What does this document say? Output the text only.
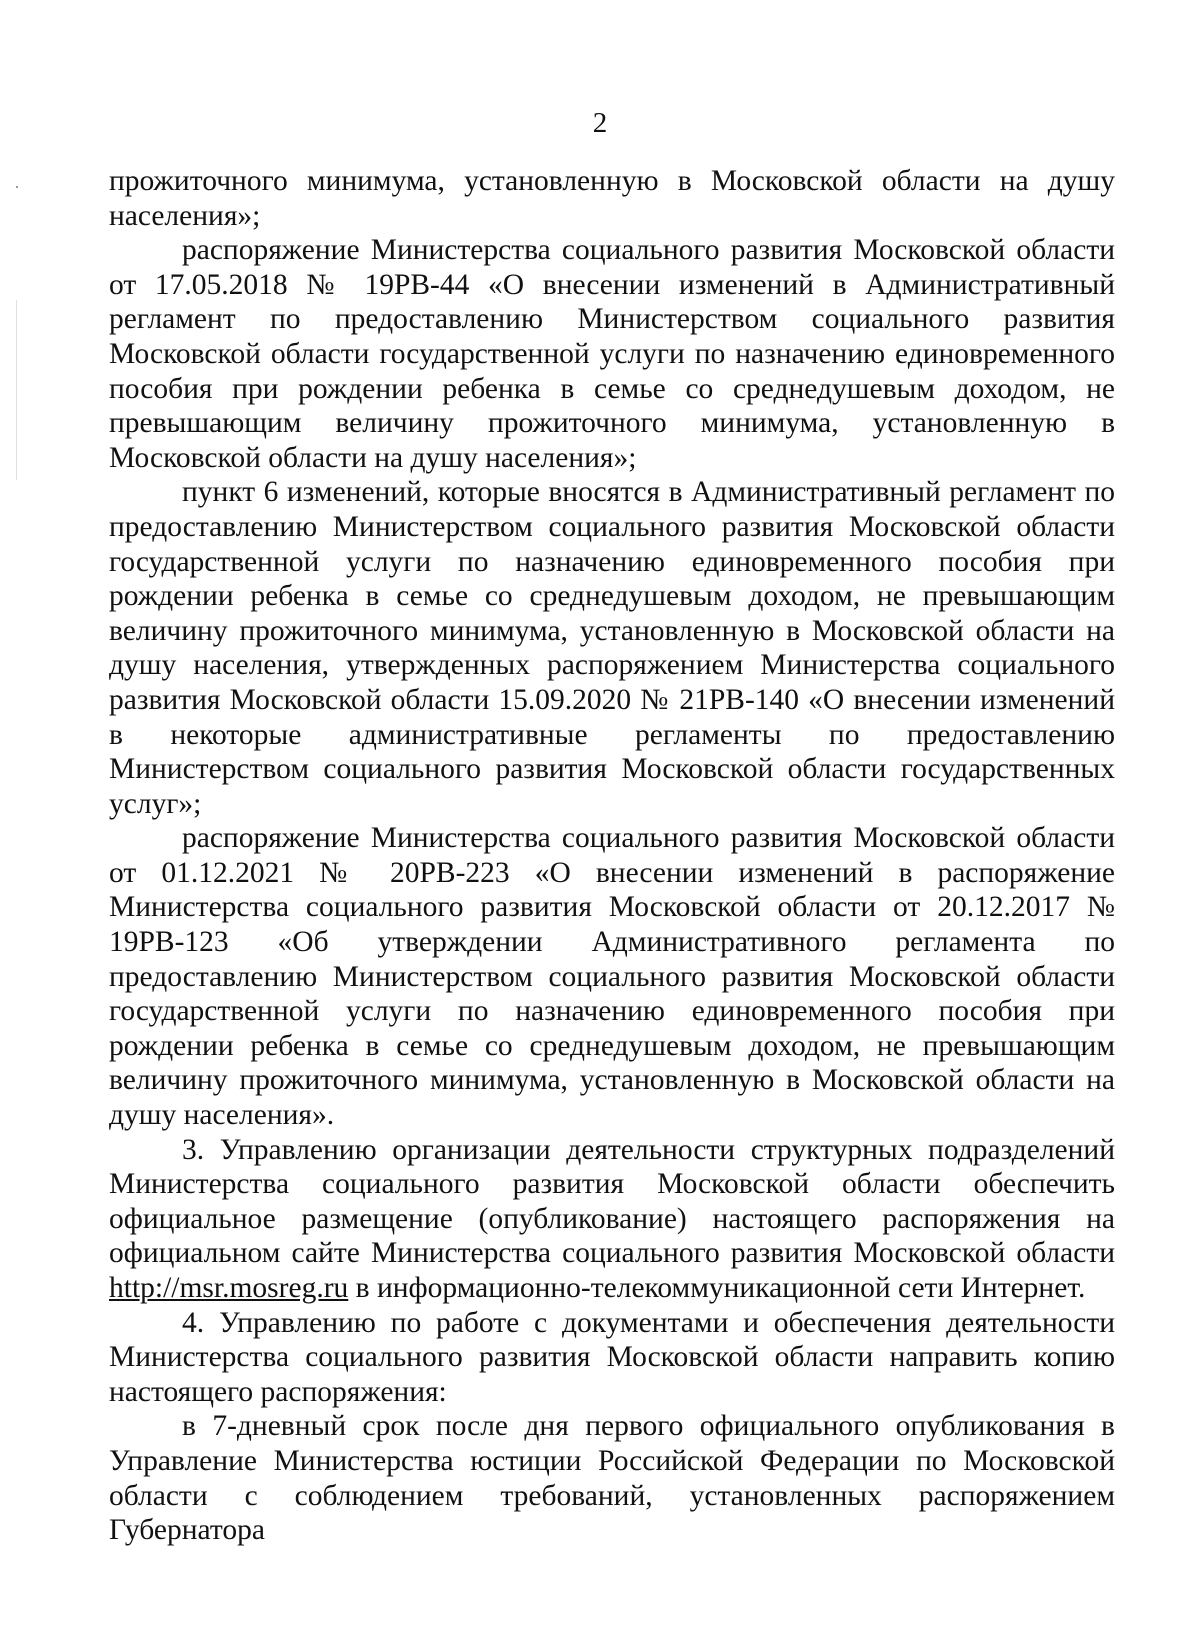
2

прожиточного минимума, установленную в Московской области на душу населения»;

распоряжение Министерства социального развития Московской области от 17.05.2018 № 19РВ-44 «О внесении изменений в Административный регламент по предоставлению Министерством социального развития Московской области государственной услуги по назначению единовременного пособия при рождении ребенка в семье со среднедушевым доходом, не превышающим величину прожиточного минимума, установленную в Московской области на душу населения»;

пункт 6 изменений, которые вносятся в Административный регламент по предоставлению Министерством социального развития Московской области государственной услуги по назначению единовременного пособия при рождении ребенка в семье со среднедушевым доходом, не превышающим величину прожиточного минимума, установленную в Московской области на душу населения, утвержденных распоряжением Министерства социального развития Московской области 15.09.2020 № 21РВ-140 «О внесении изменений в некоторые административные регламенты по предоставлению Министерством социального развития Московской области государственных услуг»;

распоряжение Министерства социального развития Московской области от 01.12.2021 № 20РВ-223 «О внесении изменений в распоряжение Министерства социального развития Московской области от 20.12.2017 № 19РВ-123 «Об утверждении Административного регламента по предоставлению Министерством социального развития Московской области государственной услуги по назначению единовременного пособия при рождении ребенка в семье со среднедушевым доходом, не превышающим величину прожиточного минимума, установленную в Московской области на душу населения».

3. Управлению организации деятельности структурных подразделений Министерства социального развития Московской области обеспечить официальное размещение (опубликование) настоящего распоряжения на официальном сайте Министерства социального развития Московской области http://msr.mosreg.ru в информационно-телекоммуникационной сети Интернет.

4. Управлению по работе с документами и обеспечения деятельности Министерства социального развития Московской области направить копию настоящего распоряжения:

в 7-дневный срок после дня первого официального опубликования в Управление Министерства юстиции Российской Федерации по Московской области с соблюдением требований, установленных распоряжением Губернатора
